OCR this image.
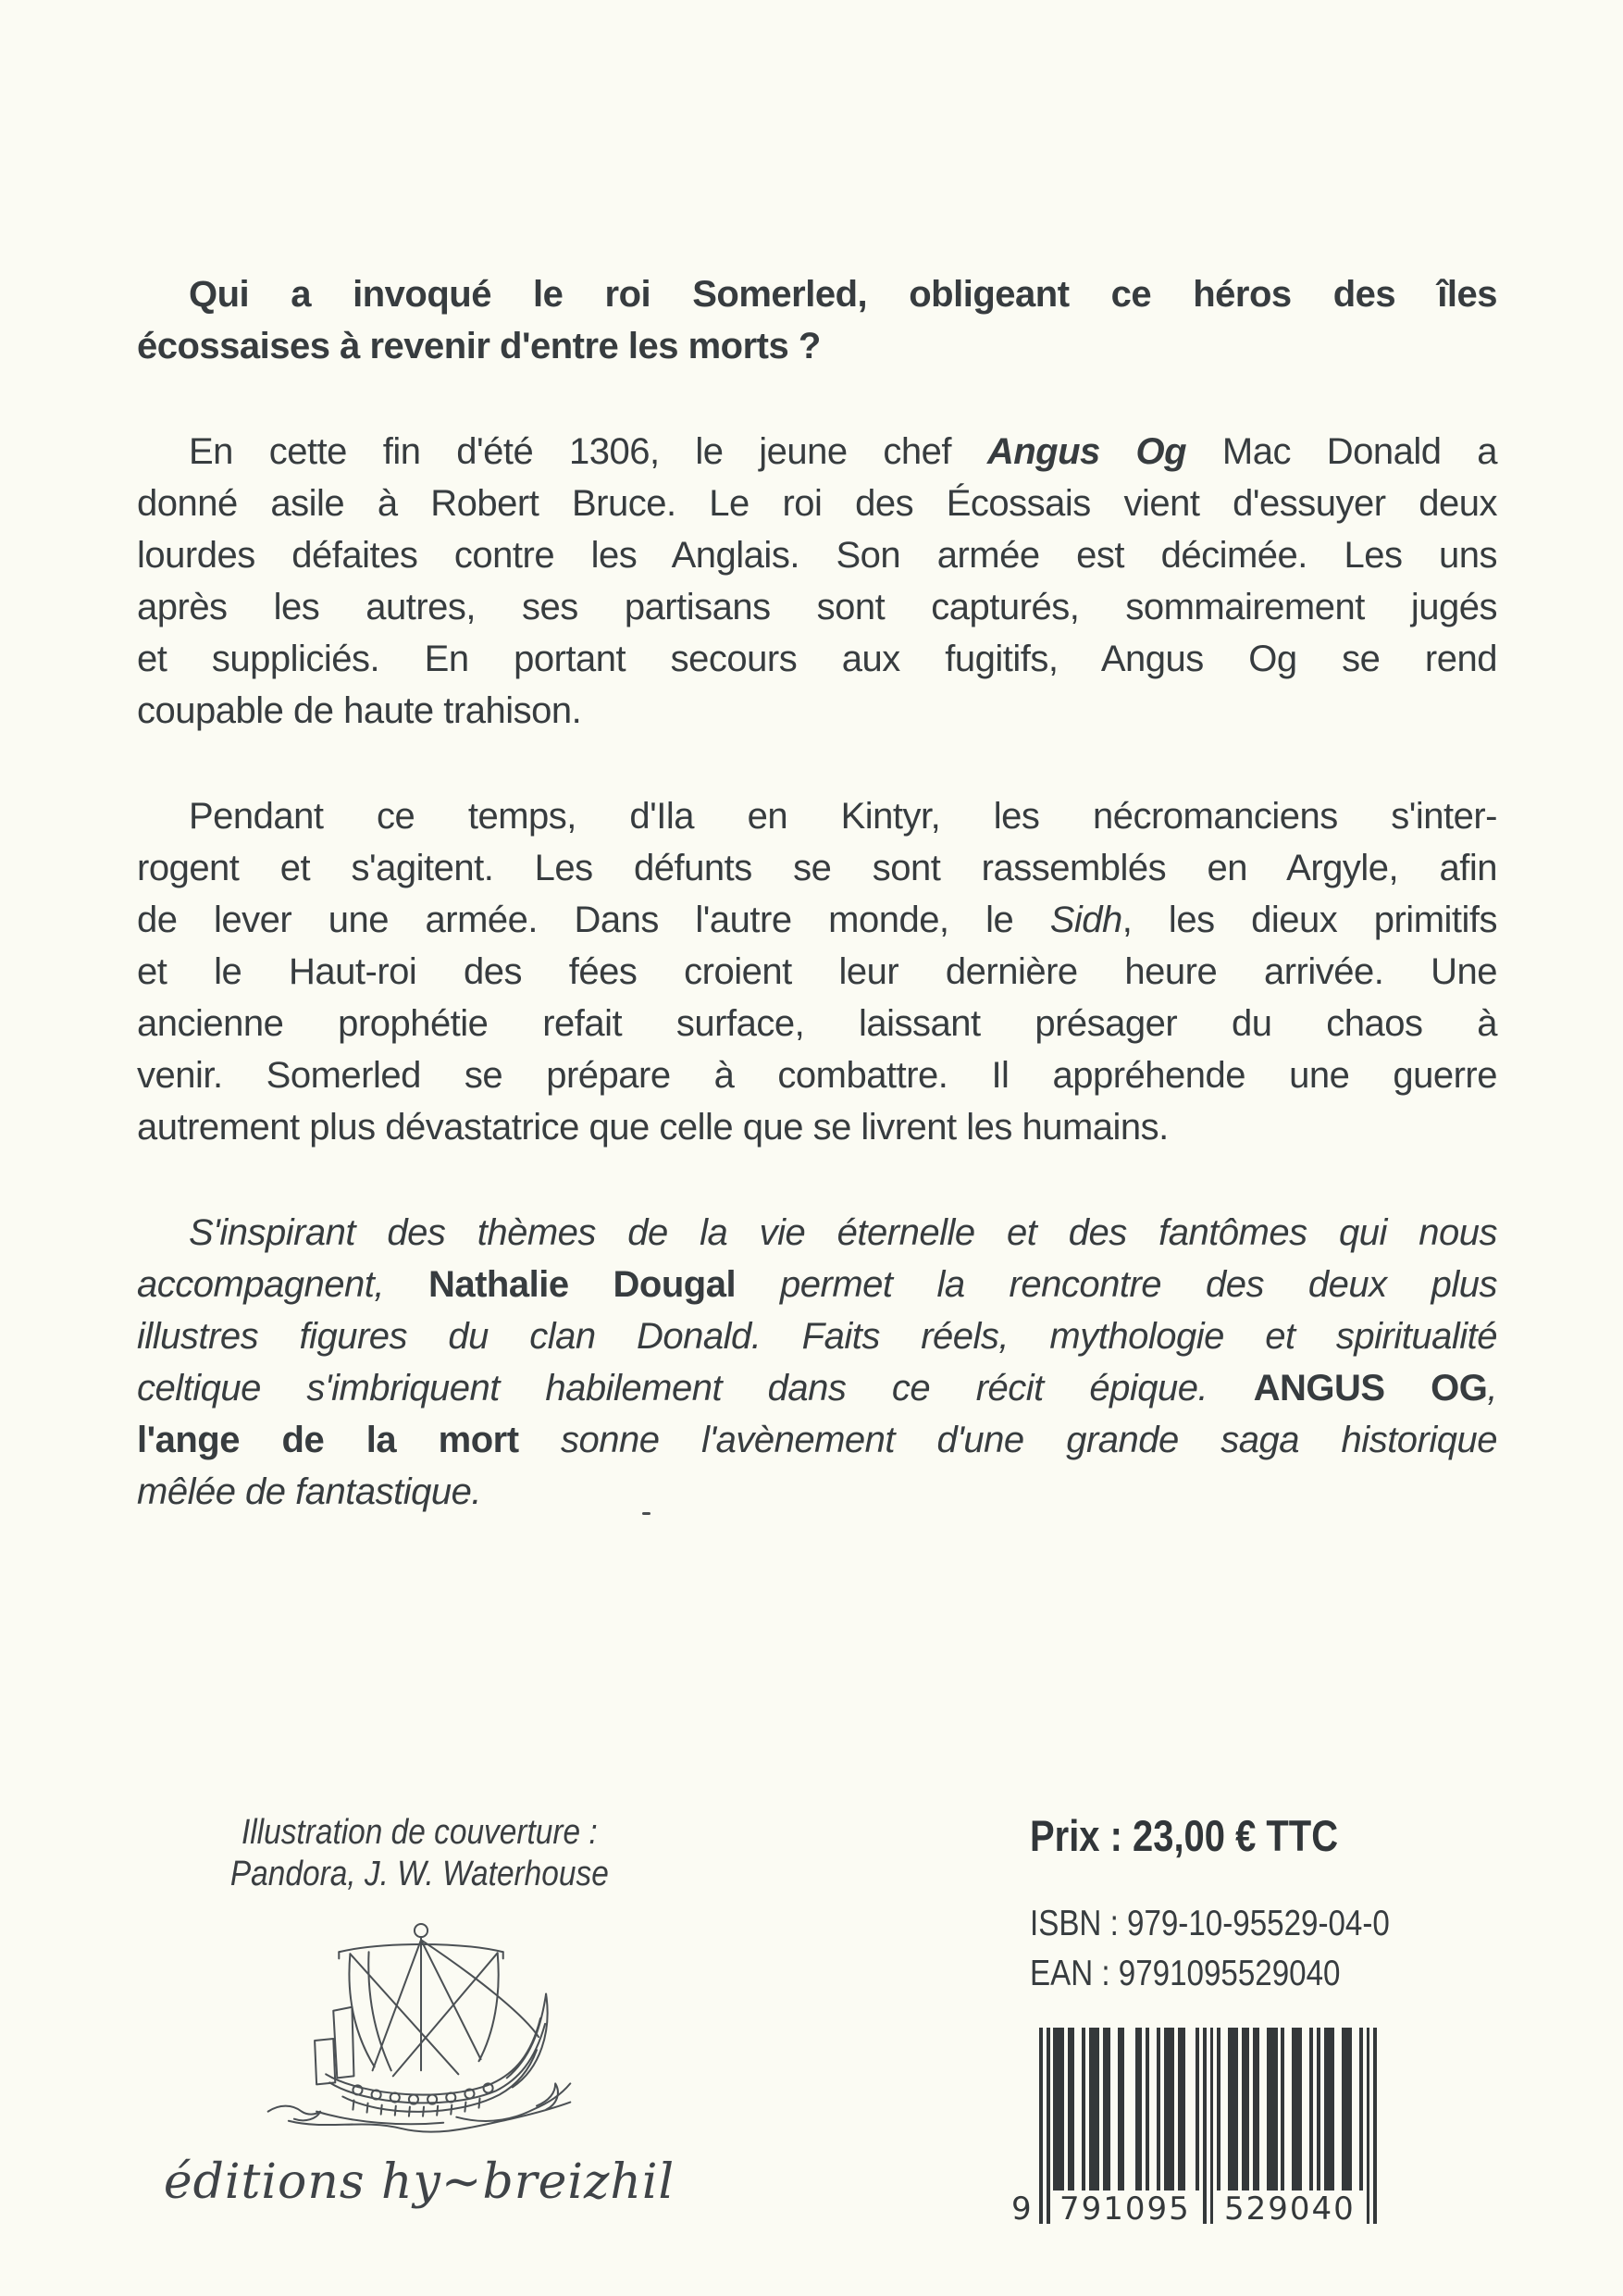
Qui a invoqué le roi Somerled, obligeant ce héros des îles
écossaises à revenir d'entre les morts ?
En cette fin d'été 1306, le jeune chef Angus Og Mac Donald a
donné asile à Robert Bruce. Le roi des Écossais vient d'essuyer deux
lourdes défaites contre les Anglais. Son armée est décimée. Les uns
après les autres, ses partisans sont capturés, sommairement jugés
et suppliciés. En portant secours aux fugitifs, Angus Og se rend
coupable de haute trahison.
Pendant ce temps, d'Ila en Kintyr, les nécromanciens s'inter-
rogent et s'agitent. Les défunts se sont rassemblés en Argyle, afin
de lever une armée. Dans l'autre monde, le Sidh, les dieux primitifs
et le Haut-roi des fées croient leur dernière heure arrivée. Une
ancienne prophétie refait surface, laissant présager du chaos à
venir. Somerled se prépare à combattre. Il appréhende une guerre
autrement plus dévastatrice que celle que se livrent les humains.
S'inspirant des thèmes de la vie éternelle et des fantômes qui nous
accompagnent, Nathalie Dougal permet la rencontre des deux plus
illustres figures du clan Donald. Faits réels, mythologie et spiritualité
celtique s'imbriquent habilement dans ce récit épique. ANGUS OG,
l'ange de la mort sonne l'avènement d'une grande saga historique
mêlée de fantastique.
Illustration de couverture :
Pandora, J. W. Waterhouse
éditions hy~breizhil
Prix : 23,00 € TTC
ISBN : 979-10-95529-04-0
EAN : 9791095529040
9 791095 529040
